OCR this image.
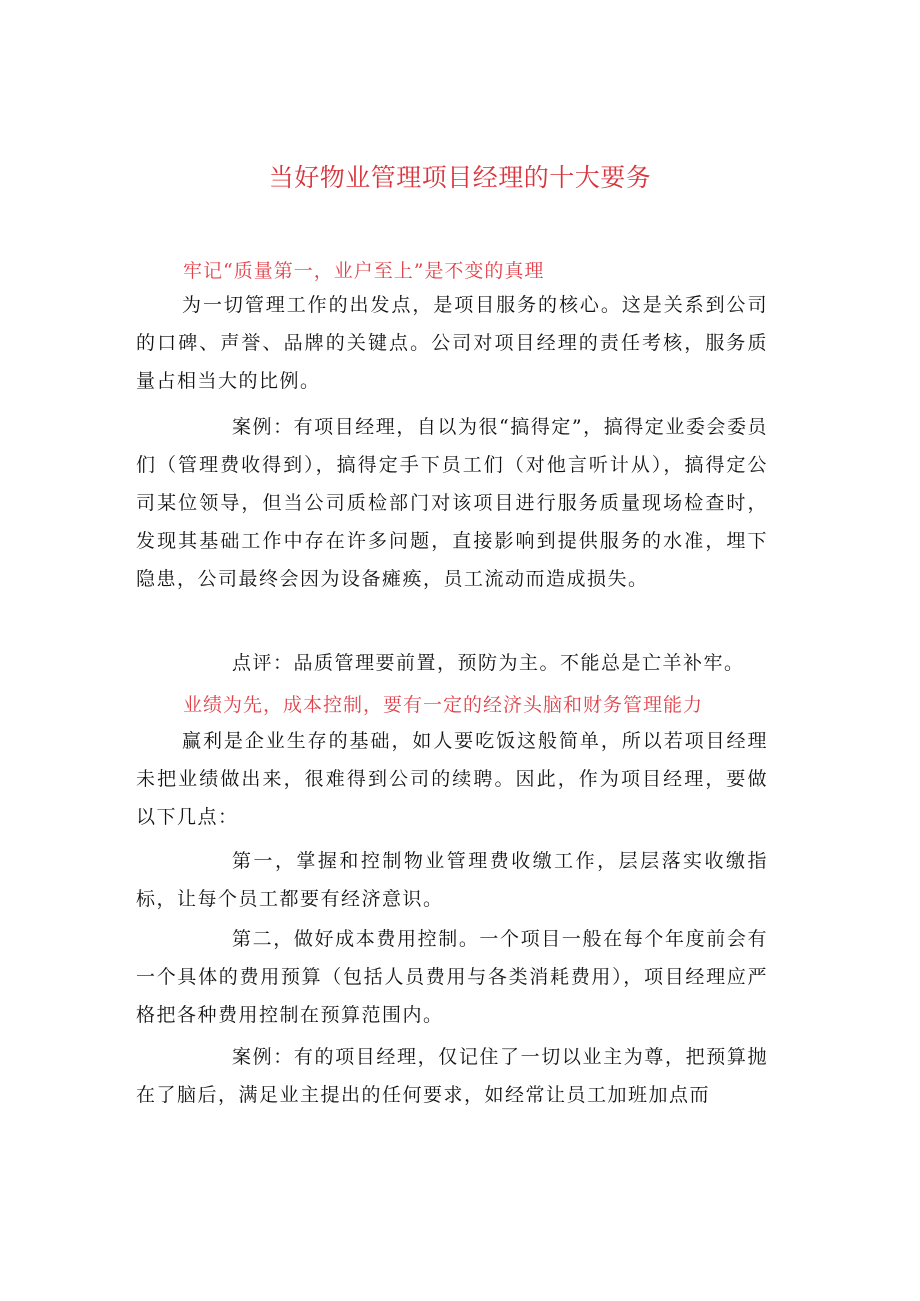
当好物业管理项目经理的十大要务
牢记“质量第一，业户至上”是不变的真理

为一切管理工作的出发点，是项目服务的核心。这是关系到公司的口碑、声誉、品牌的关键点。公司对项目经理的责任考核，服务质量占相当大的比例。

案例：有项目经理，自以为很“搞得定”，搞得定业委会委员们（管理费收得到），搞得定手下员工们（对他言听计从），搞得定公司某位领导，但当公司质检部门对该项目进行服务质量现场检查时，发现其基础工作中存在许多问题，直接影响到提供服务的水准，埋下隐患，公司最终会因为设备瘫痪，员工流动而造成损失。

点评：品质管理要前置，预防为主。不能总是亡羊补牢。

业绩为先，成本控制，要有一定的经济头脑和财务管理能力

赢利是企业生存的基础，如人要吃饭这般简单，所以若项目经理未把业绩做出来，很难得到公司的续聘。因此，作为项目经理，要做以下几点：

第一，掌握和控制物业管理费收缴工作，层层落实收缴指标，让每个员工都要有经济意识。

第二，做好成本费用控制。一个项目一般在每个年度前会有一个具体的费用预算（包括人员费用与各类消耗费用），项目经理应严格把各种费用控制在预算范围内。

案例：有的项目经理，仅记住了一切以业主为尊，把预算抛在了脑后，满足业主提出的任何要求，如经常让员工加班加点而
